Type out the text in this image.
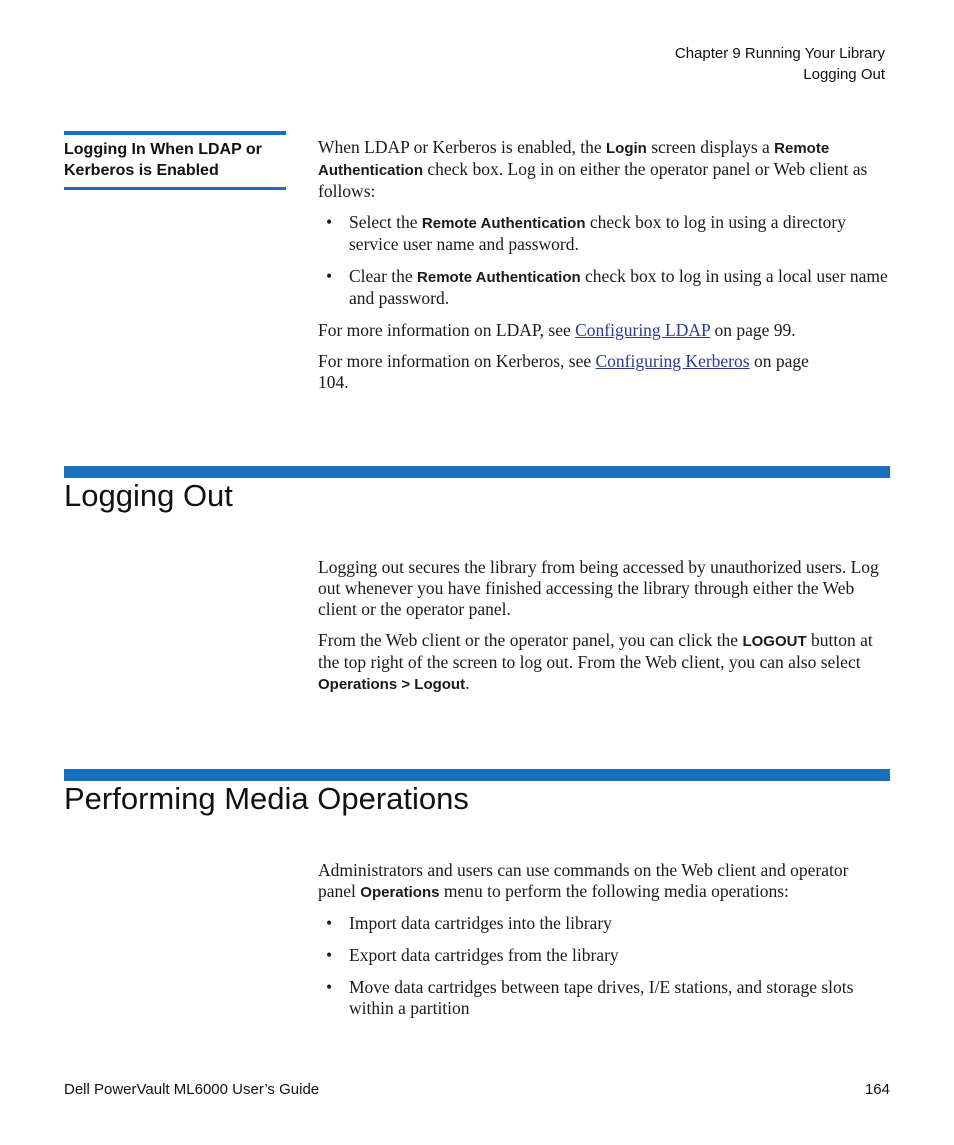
Chapter 9 Running Your Library
Logging Out
Logging In When LDAP or Kerberos is Enabled

When LDAP or Kerberos is enabled, the Login screen displays a Remote Authentication check box. Log in on either the operator panel or Web client as follows:

• Select the Remote Authentication check box to log in using a directory service user name and password.
• Clear the Remote Authentication check box to log in using a local user name and password.

For more information on LDAP, see Configuring LDAP on page 99.

For more information on Kerberos, see Configuring Kerberos on page 104.

Logging Out

Logging out secures the library from being accessed by unauthorized users. Log out whenever you have finished accessing the library through either the Web client or the operator panel.

From the Web client or the operator panel, you can click the LOGOUT button at the top right of the screen to log out. From the Web client, you can also select Operations > Logout.

Performing Media Operations

Administrators and users can use commands on the Web client and operator panel Operations menu to perform the following media operations:

• Import data cartridges into the library
• Export data cartridges from the library
• Move data cartridges between tape drives, I/E stations, and storage slots within a partition
Dell PowerVault ML6000 User’s Guide	164
